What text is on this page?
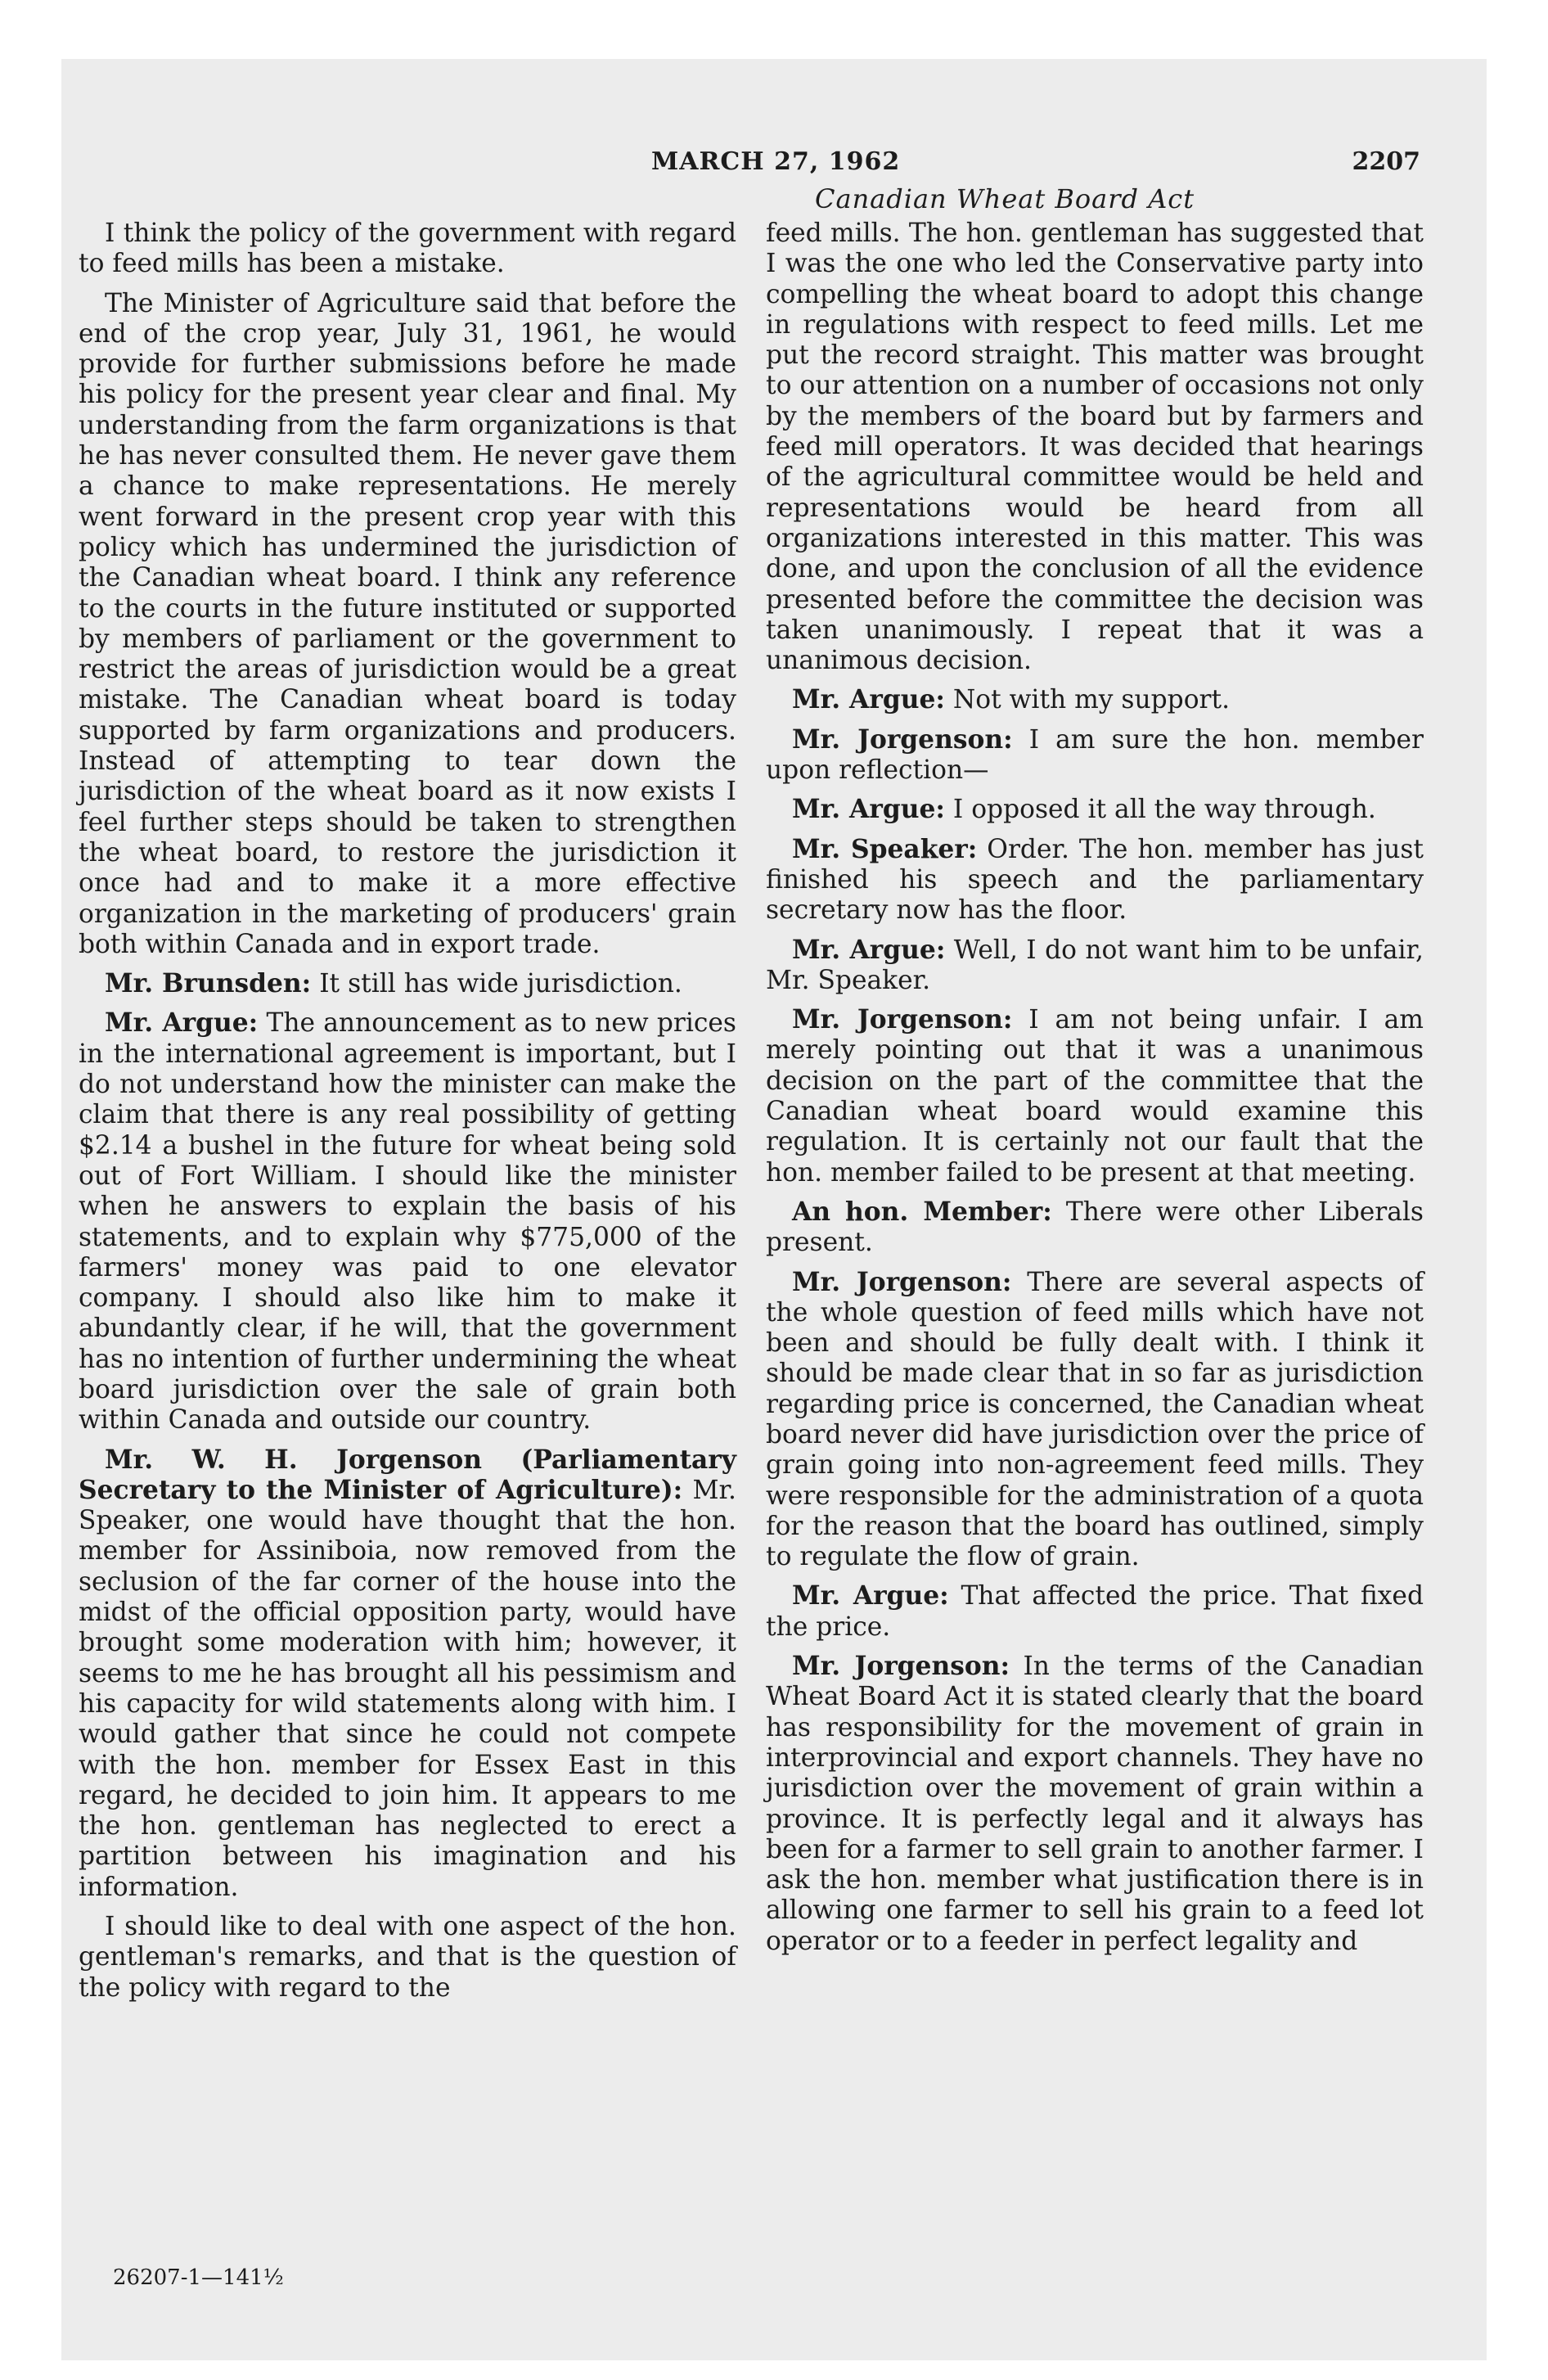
MARCH 27, 1962	2207
Canadian Wheat Board Act

I think the policy of the government with regard to feed mills has been a mistake.

The Minister of Agriculture said that before the end of the crop year, July 31, 1961, he would provide for further submissions before he made his policy for the present year clear and final. My understanding from the farm organizations is that he has never consulted them. He never gave them a chance to make representations. He merely went forward in the present crop year with this policy which has undermined the jurisdiction of the Canadian wheat board. I think any reference to the courts in the future instituted or supported by members of parliament or the government to restrict the areas of jurisdiction would be a great mistake. The Canadian wheat board is today supported by farm organizations and producers. Instead of attempting to tear down the jurisdiction of the wheat board as it now exists I feel further steps should be taken to strengthen the wheat board, to restore the jurisdiction it once had and to make it a more effective organization in the marketing of producers' grain both within Canada and in export trade.

Mr. Brunsden: It still has wide jurisdiction.

Mr. Argue: The announcement as to new prices in the international agreement is important, but I do not understand how the minister can make the claim that there is any real possibility of getting $2.14 a bushel in the future for wheat being sold out of Fort William. I should like the minister when he answers to explain the basis of his statements, and to explain why $775,000 of the farmers' money was paid to one elevator company. I should also like him to make it abundantly clear, if he will, that the government has no intention of further undermining the wheat board jurisdiction over the sale of grain both within Canada and outside our country.

Mr. W. H. Jorgenson (Parliamentary Secretary to the Minister of Agriculture): Mr. Speaker, one would have thought that the hon. member for Assiniboia, now removed from the seclusion of the far corner of the house into the midst of the official opposition party, would have brought some moderation with him; however, it seems to me he has brought all his pessimism and his capacity for wild statements along with him. I would gather that since he could not compete with the hon. member for Essex East in this regard, he decided to join him. It appears to me the hon. gentleman has neglected to erect a partition between his imagination and his information.

I should like to deal with one aspect of the hon. gentleman's remarks, and that is the question of the policy with regard to the

feed mills. The hon. gentleman has suggested that I was the one who led the Conservative party into compelling the wheat board to adopt this change in regulations with respect to feed mills. Let me put the record straight. This matter was brought to our attention on a number of occasions not only by the members of the board but by farmers and feed mill operators. It was decided that hearings of the agricultural committee would be held and representations would be heard from all organizations interested in this matter. This was done, and upon the conclusion of all the evidence presented before the committee the decision was taken unanimously. I repeat that it was a unanimous decision.

Mr. Argue: Not with my support.

Mr. Jorgenson: I am sure the hon. member upon reflection—

Mr. Argue: I opposed it all the way through.

Mr. Speaker: Order. The hon. member has just finished his speech and the parliamentary secretary now has the floor.

Mr. Argue: Well, I do not want him to be unfair, Mr. Speaker.

Mr. Jorgenson: I am not being unfair. I am merely pointing out that it was a unanimous decision on the part of the committee that the Canadian wheat board would examine this regulation. It is certainly not our fault that the hon. member failed to be present at that meeting.

An hon. Member: There were other Liberals present.

Mr. Jorgenson: There are several aspects of the whole question of feed mills which have not been and should be fully dealt with. I think it should be made clear that in so far as jurisdiction regarding price is concerned, the Canadian wheat board never did have jurisdiction over the price of grain going into non-agreement feed mills. They were responsible for the administration of a quota for the reason that the board has outlined, simply to regulate the flow of grain.

Mr. Argue: That affected the price. That fixed the price.

Mr. Jorgenson: In the terms of the Canadian Wheat Board Act it is stated clearly that the board has responsibility for the movement of grain in interprovincial and export channels. They have no jurisdiction over the movement of grain within a province. It is perfectly legal and it always has been for a farmer to sell grain to another farmer. I ask the hon. member what justification there is in allowing one farmer to sell his grain to a feed lot operator or to a feeder in perfect legality and

26207-1—141½
